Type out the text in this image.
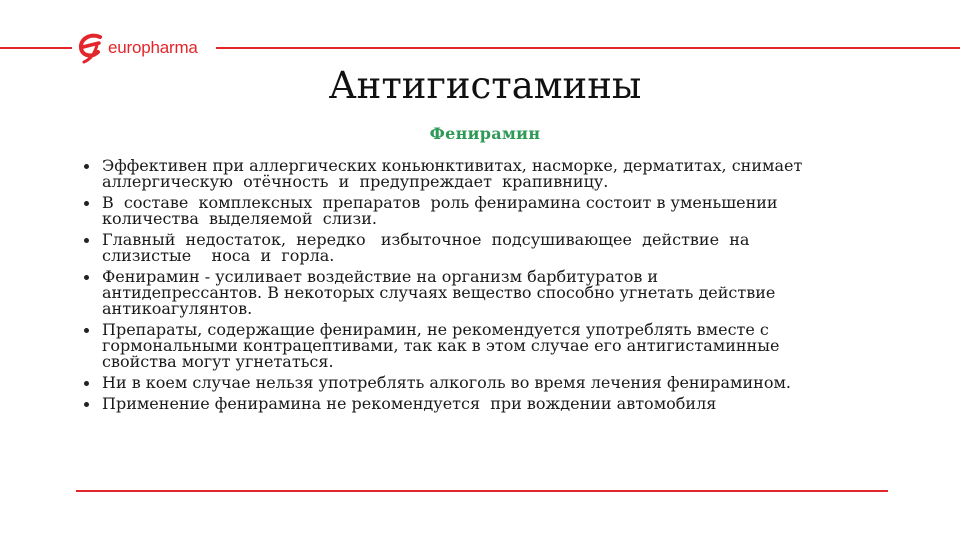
europharma
Антигистамины
Фенирамин
Эффективен при аллергических коньюнктивитах, насморке, дерматитах, снимает
аллергическую  отёчность  и  предупреждает  крапивницу.
В  составе  комплексных  препаратов  роль фенирамина состоит в уменьшении
количества  выделяемой  слизи.
Главный  недостаток,  нередко   избыточное  подсушивающее  действие  на
слизистые    носа  и  горла.
Фенирамин - усиливает воздействие на организм барбитуратов и
антидепрессантов. В некоторых случаях вещество способно угнетать действие
антикоагулянтов.
Препараты, содержащие фенирамин, не рекомендуется употреблять вместе с
гормональными контрацептивами, так как в этом случае его антигистаминные
свойства могут угнетаться.
Ни в коем случае нельзя употреблять алкоголь во время лечения фенирамином.
Применение фенирамина не рекомендуется  при вождении автомобиля
